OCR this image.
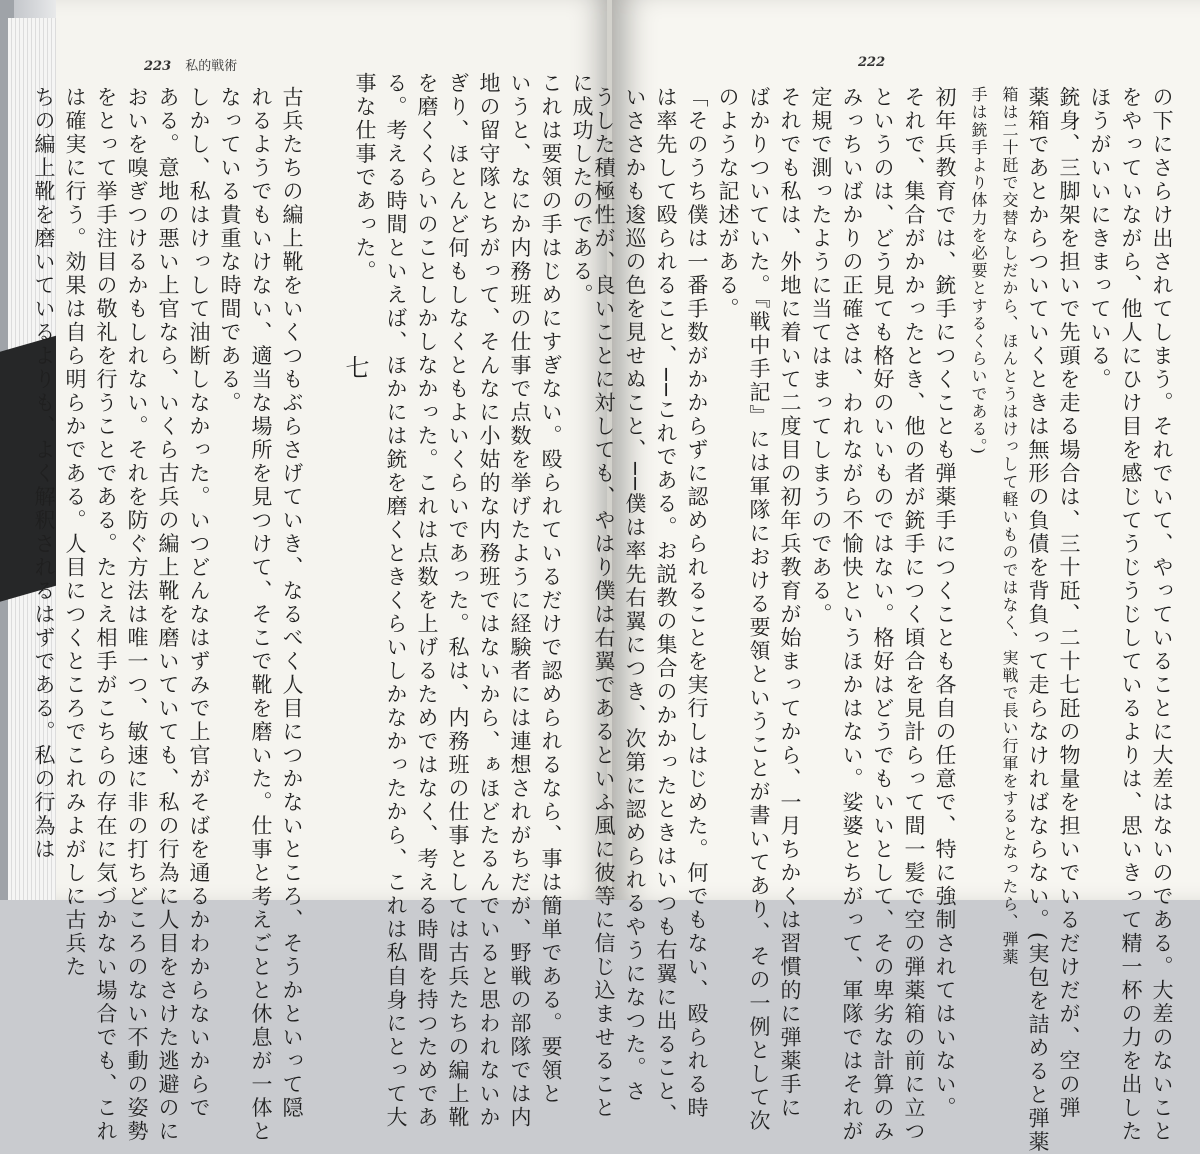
223 私的戦術
に成功したのである。
これは要領の手はじめにすぎない。殴られているだけで認められるなら、事は簡単である。要領と
いうと、なにか内務班の仕事で点数を挙げたように経験者には連想されがちだが、野戦の部隊では内
地の留守隊とちがって、そんなに小姑的な内務班ではないから、ぁほどたるんでいると思われないか
ぎり、ほとんど何もしなくともよいくらいであった。私は、内務班の仕事としては古兵たちの編上靴
を磨くくらいのことしかしなかった。これは点数を上げるためではなく、考える時間を持つためであ
る。考える時間といえば、ほかには銃を磨くときくらいしかなかったから、これは私自身にとって大
事な仕事であった。
七
古兵たちの編上靴をいくつもぶらさげていき、なるべく人目につかないところ、そうかといって隠
れるようでもいけない、適当な場所を見つけて、そこで靴を磨いた。仕事と考えごとと休息が一体と
なっている貴重な時間である。
しかし、私はけっして油断しなかった。いつどんなはずみで上官がそばを通るかわからないからで
ある。意地の悪い上官なら、いくら古兵の編上靴を磨いていても、私の行為に人目をさけた逃避のに
おいを嗅ぎつけるかもしれない。それを防ぐ方法は唯一つ、敏速に非の打ちどころのない不動の姿勢
をとって挙手注目の敬礼を行うことである。たとえ相手がこちらの存在に気づかない場合でも、これ
は確実に行う。効果は自ら明らかである。人目につくところでこれみよがしに古兵た
ちの編上靴を磨いているよりも、よく解釈されるはずである。私の行為は
222
の下にさらけ出されてしまう。それでいて、やっていることに大差はないのである。大差のないこと
をやっていながら、他人にひけ目を感じてうじうじしているよりは、思いきって精一杯の力を出した
ほうがいいにきまっている。
銃身、三脚架を担いで先頭を走る場合は、三十瓩、二十七瓩の物量を担いでいるだけだが、空の弾
薬箱であとからついていくときは無形の負債を背負って走らなければならない。(実包を詰めると弾薬
箱は二十瓩で交替なしだから、ほんとうはけっして軽いものではなく、実戦で長い行軍をするとなったら、弾薬
手は銃手より体力を必要とするくらいである。)
初年兵教育では、銃手につくことも弾薬手につくことも各自の任意で、特に強制されてはいない。
それで、集合がかかったとき、他の者が銃手につく頃合を見計らって間一髪で空の弾薬箱の前に立つ
というのは、どう見ても格好のいいものではない。格好はどうでもいいとして、その卑劣な計算のみ
みっちいばかりの正確さは、われながら不愉快というほかはない。娑婆とちがって、軍隊ではそれが
定規で測ったように当てはまってしまうのである。
それでも私は、外地に着いて二度目の初年兵教育が始まってから、一月ちかくは習慣的に弾薬手に
ばかりついていた。『戦中手記』には軍隊における要領ということが書いてあり、その一例として次
のような記述がある。
「そのうち僕は一番手数がかからずに認められることを実行しはじめた。何でもない、殴られる時
は率先して殴られること、──これである。お説教の集合のかかったときはいつも右翼に出ること、
いささかも逡巡の色を見せぬこと、──僕は率先右翼につき、次第に認められるやうになつた。さ
うした積極性が、良いことに対しても、やはり僕は右翼であるといふ風に彼等に信じ込ませること
